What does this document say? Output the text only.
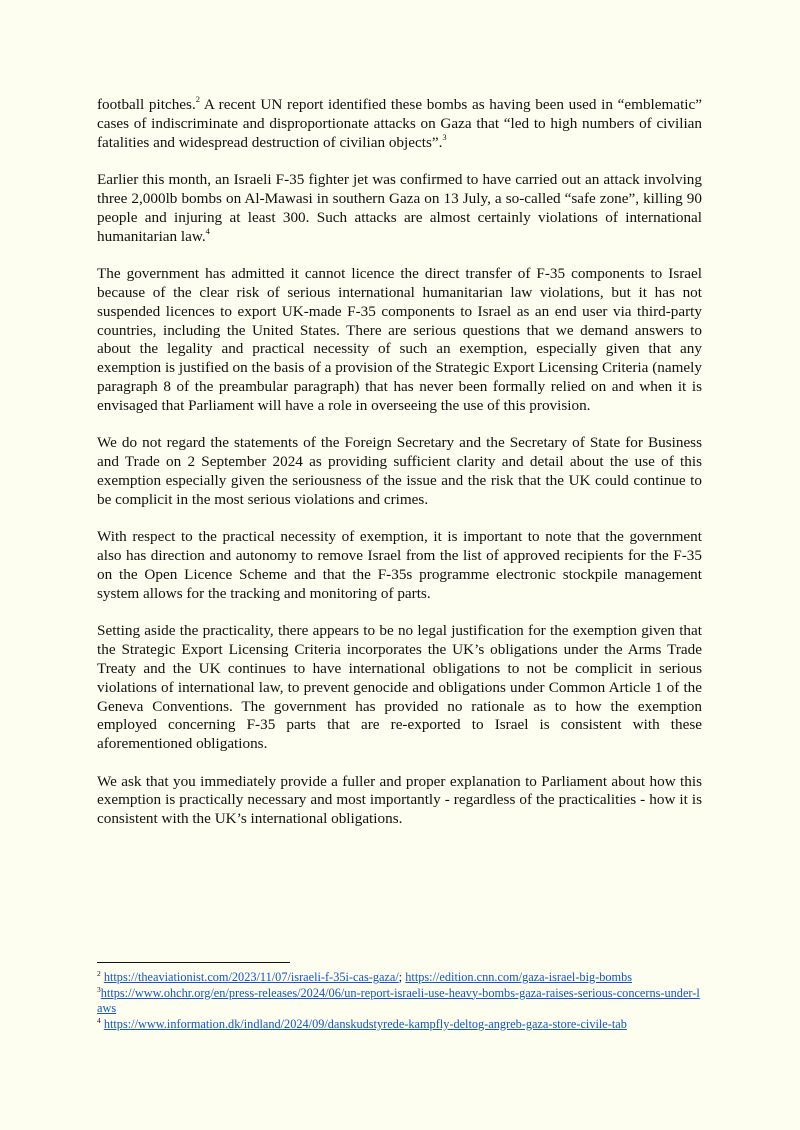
football pitches.$^2$ A recent UN report identified these bombs as having been used in “emblematic” cases of indiscriminate and disproportionate attacks on Gaza that “led to high numbers of civilian fatalities and widespread destruction of civilian objects”.$^3$

Earlier this month, an Israeli F-35 fighter jet was confirmed to have carried out an attack involving three 2,000lb bombs on Al-Mawasi in southern Gaza on 13 July, a so-called “safe zone”, killing 90 people and injuring at least 300. Such attacks are almost certainly violations of international humanitarian law.$^4$

The government has admitted it cannot licence the direct transfer of F-35 components to Israel because of the clear risk of serious international humanitarian law violations, but it has not suspended licences to export UK-made F-35 components to Israel as an end user via third-party countries, including the United States. There are serious questions that we demand answers to about the legality and practical necessity of such an exemption, especially given that any exemption is justified on the basis of a provision of the Strategic Export Licensing Criteria (namely paragraph 8 of the preambular paragraph) that has never been formally relied on and when it is envisaged that Parliament will have a role in overseeing the use of this provision.

We do not regard the statements of the Foreign Secretary and the Secretary of State for Business and Trade on 2 September 2024 as providing sufficient clarity and detail about the use of this exemption especially given the seriousness of the issue and the risk that the UK could continue to be complicit in the most serious violations and crimes.

With respect to the practical necessity of exemption, it is important to note that the government also has direction and autonomy to remove Israel from the list of approved recipients for the F-35 on the Open Licence Scheme and that the F-35s programme electronic stockpile management system allows for the tracking and monitoring of parts.

Setting aside the practicality, there appears to be no legal justification for the exemption given that the Strategic Export Licensing Criteria incorporates the UK’s obligations under the Arms Trade Treaty and the UK continues to have international obligations to not be complicit in serious violations of international law, to prevent genocide and obligations under Common Article 1 of the Geneva Conventions. The government has provided no rationale as to how the exemption employed concerning F-35 parts that are re-exported to Israel is consistent with these aforementioned obligations.

We ask that you immediately provide a fuller and proper explanation to Parliament about how this exemption is practically necessary and most importantly - regardless of the practicalities - how it is consistent with the UK’s international obligations.

$^2$ https://theaviationist.com/2023/11/07/israeli-f-35i-cas-gaza/; https://edition.cnn.com/gaza-israel-big-bombs

$^3$https://www.ohchr.org/en/press-releases/2024/06/un-report-israeli-use-heavy-bombs-gaza-raises-serious-concerns-under-laws

$^4$ https://www.information.dk/indland/2024/09/danskudstyrede-kampfly-deltog-angreb-gaza-store-civile-tab
